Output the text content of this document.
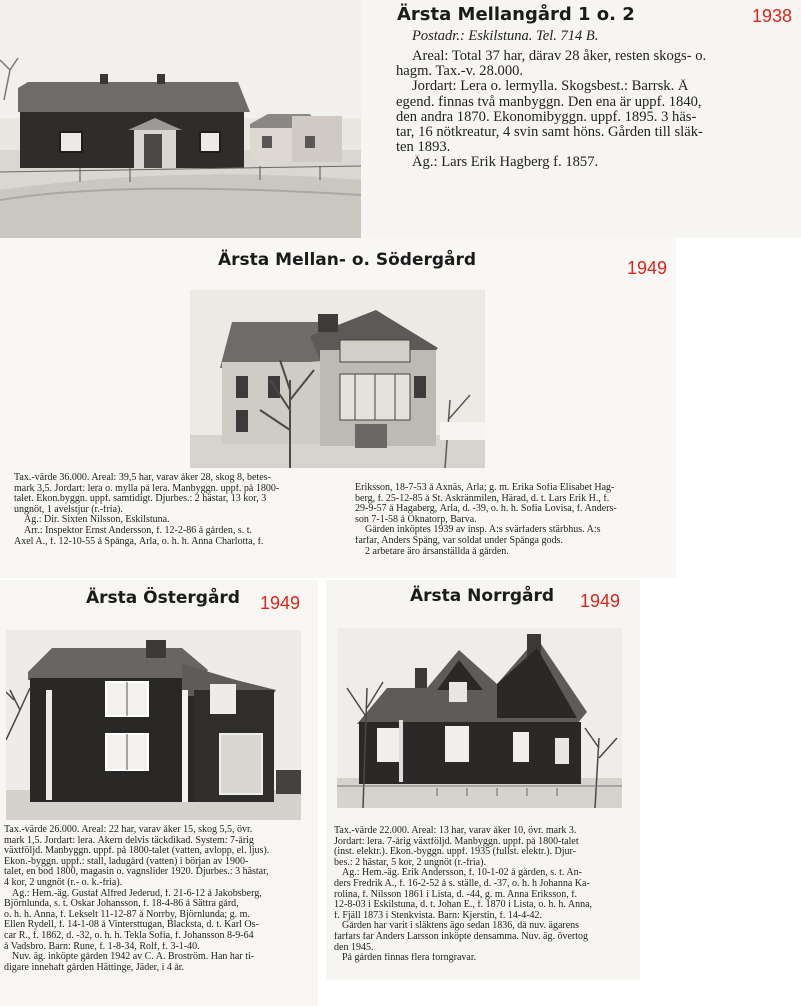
Ärsta Mellangård 1 o. 2	1938
Postadr.: Eskilstuna. Tel. 714 B.
Areal: Total 37 har, därav 28 åker, resten skogs- o.
hagm. Tax.-v. 28.000.
Jordart: Lera o. lermylla. Skogsbest.: Barrsk. Å
egend. finnas två manbyggn. Den ena är uppf. 1840,
den andra 1870. Ekonomibyggn. uppf. 1895. 3 häs-
tar, 16 nötkreatur, 4 svin samt höns. Gården till släk-
ten 1893.
Äg.: Lars Erik Hagberg f. 1857.
Ärsta Mellan- o. Södergård	1949
Tax.-värde 36.000. Areal: 39,5 har, varav åker 28, skog 8, betes-
mark 3,5. Jordart: lera o. mylla på lera. Manbyggn. uppf. på 1800-
talet. Ekon.byggn. uppf. samtidigt. Djurbes.: 2 hästar, 13 kor, 3
ungnöt, 1 avelstjur (r.-fria).
Äg.: Dir. Sixten Nilsson, Eskilstuna.
Arr.: Inspektor Ernst Andersson, f. 12-2-86 å gården, s. t.
Axel A., f. 12-10-55 å Spånga, Ärla, o. h. h. Anna Charlotta, f.
Eriksson, 18-7-53 å Axnäs, Ärla; g. m. Erika Sofia Elisabet Hag-
berg, f. 25-12-85 å St. Askränmilen, Härad, d. t. Lars Erik H., f.
29-9-57 å Hagaberg, Ärla, d. -39, o. h. h. Sofia Lovisa, f. Anders-
son 7-1-58 å Öknatorp, Barva.
Gården inköptes 1939 av insp. A:s svärfaders stärbhus. A:s
farfar, Anders Spång, var soldat under Spånga gods.
2 arbetare äro årsanställda å gården.
Ärsta Östergård 1949
Tax.-värde 26.000. Areal: 22 har, varav åker 15, skog 5,5, övr.
mark 1,5. Jordart: lera. Åkern delvis täckdikad. System: 7-årig
växtföljd. Manbyggn. uppf. på 1800-talet (vatten, avlopp, el. ljus).
Ekon.-byggn. uppf.: stall, ladugård (vatten) i början av 1900-
talet, en bod 1800, magasin o. vagnslider 1920. Djurbes.: 3 hästar,
4 kor, 2 ungnöt (r.- o. k.-fria).
Äg.: Hem.-äg. Gustaf Alfred Jederud, f. 21-6-12 å Jakobsberg,
Björnlunda, s. t. Oskar Johansson, f. 18-4-86 å Sättra gård,
o. h. h. Anna, f. Lekselt 11-12-87 å Norrby, Björnlunda; g. m.
Ellen Rydell, f. 14-1-08 å Vintersttugan, Blacksta, d. t. Karl Os-
car R., f. 1862, d. -32, o. h. h. Tekla Sofia, f. Johansson 8-9-64
å Vadsbro. Barn: Rune, f. 1-8-34, Rolf, f. 3-1-40.
Nuv. äg. inköpte gården 1942 av C. A. Broström. Han har ti-
digare innehaft gården Hättinge, Jäder, i 4 år.
Ärsta Norrgård 1949
Tax.-värde 22.000. Areal: 13 har, varav åker 10, övr. mark 3.
Jordart: lera. 7-årig växtföljd. Manbyggn. uppf. på 1800-talet
(inst. elektr.). Ekon.-byggn. uppf. 1935 (fullst. elektr.). Djur-
bes.: 2 hästar, 5 kor, 2 ungnöt (r.-fria).
Äg.: Hem.-äg. Erik Andersson, f. 10-1-02 å gården, s. t. An-
ders Fredrik A., f. 16-2-52 å s. ställe, d. -37, o. h. h Johanna Ka-
rolina, f. Nilsson 1861 i Lista, d. -44, g. m. Anna Eriksson, f.
12-8-03 i Eskilstuna, d. t. Johan E., f. 1870 i Lista, o. h. h. Anna,
f. Fjäll 1873 i Stenkvista. Barn: Kjerstin, f. 14-4-42.
Gården har varit i släktens ägo sedan 1836, då nuv. ägarens
farfars far Anders Larsson inköpte densamma. Nuv. äg. övertog
den 1945.
På gården finnas flera forngravar.
